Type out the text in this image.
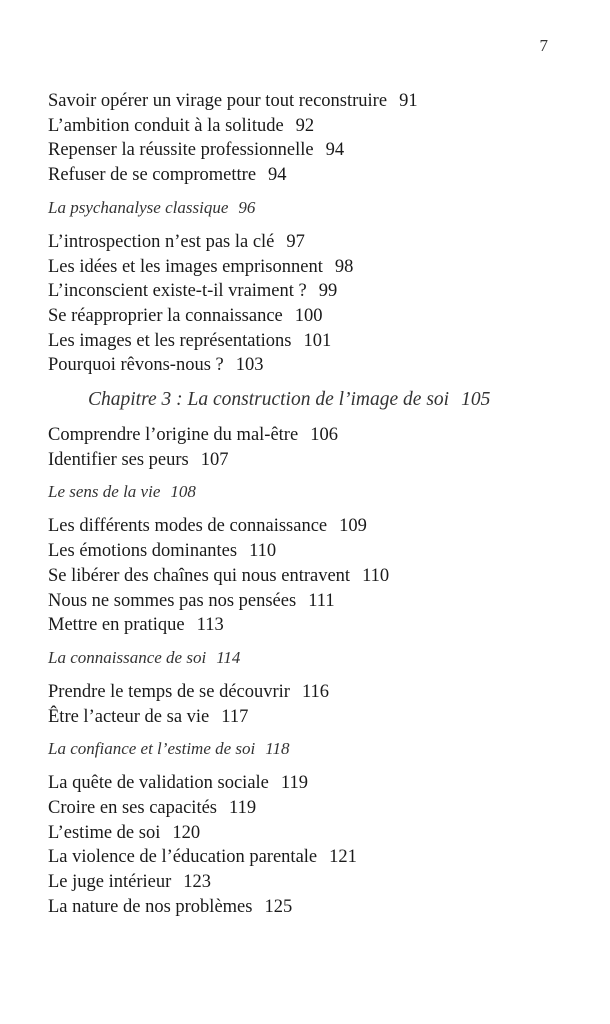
7
Savoir opérer un virage pour tout reconstruire 91
L’ambition conduit à la solitude 92
Repenser la réussite professionnelle 94
Refuser de se compromettre 94
La psychanalyse classique 96
L’introspection n’est pas la clé 97
Les idées et les images emprisonnent 98
L’inconscient existe-t-il vraiment ? 99
Se réapproprier la connaissance 100
Les images et les représentations 101
Pourquoi rêvons-nous ? 103
Chapitre 3 : La construction de l’image de soi 105
Comprendre l’origine du mal-être 106
Identifier ses peurs 107
Le sens de la vie 108
Les différents modes de connaissance 109
Les émotions dominantes 110
Se libérer des chaînes qui nous entravent 110
Nous ne sommes pas nos pensées 111
Mettre en pratique 113
La connaissance de soi 114
Prendre le temps de se découvrir 116
Être l’acteur de sa vie 117
La confiance et l’estime de soi 118
La quête de validation sociale 119
Croire en ses capacités 119
L’estime de soi 120
La violence de l’éducation parentale 121
Le juge intérieur 123
La nature de nos problèmes 125
